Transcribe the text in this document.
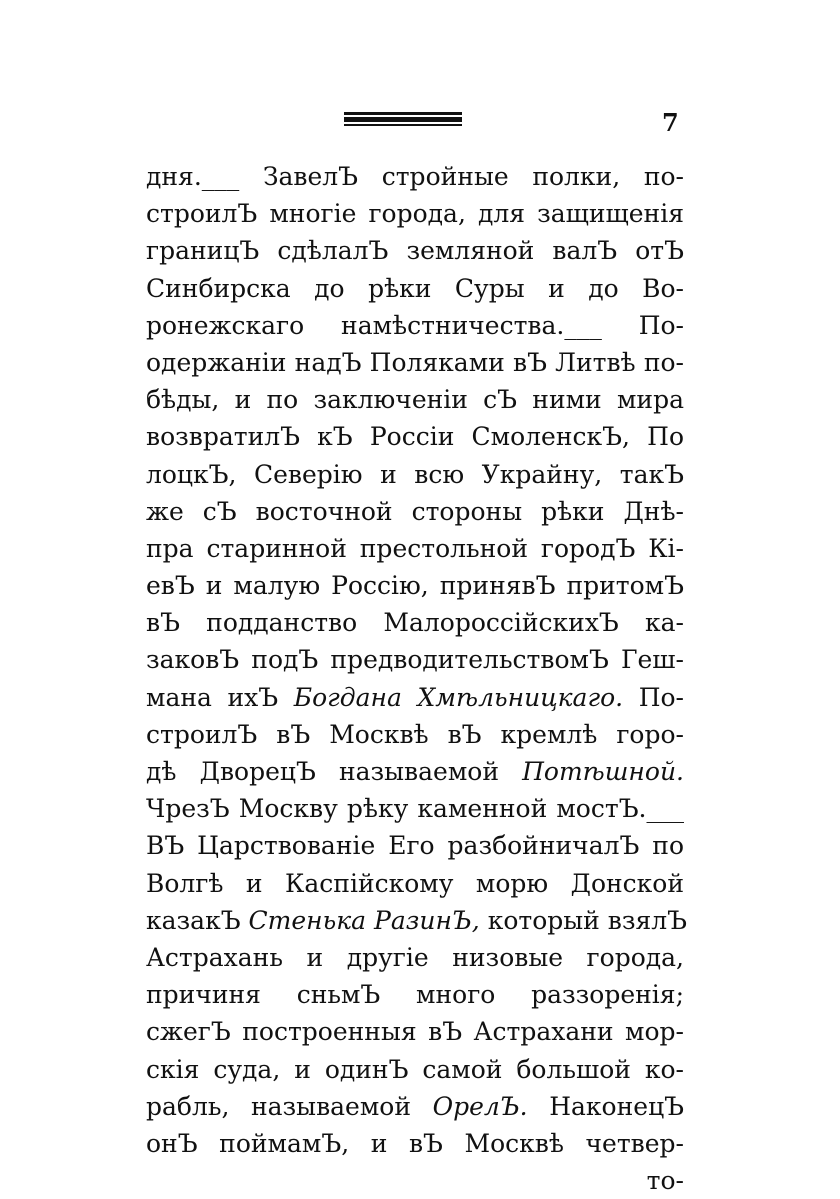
7
дня.___ ЗавелЪ стройные полки, по-
строилЪ многіе города, для защищенія
границЪ сдѣлалЪ земляной валЪ отЪ
Синбирска до рѣки Суры и до Во-
ронежскаго намѣстничества.___ По-
одержаніи надЪ Поляками вЪ Литвѣ по-
бѣды, и по заключеніи сЪ ними мира
возвратилЪ кЪ Россіи СмоленскЪ, По
лоцкЪ, Северію и всю Украйну, такЪ
же сЪ восточной стороны рѣки Днѣ-
пра старинной престольной городЪ Кі-
евЪ и малую Россію, принявЪ притомЪ
вЪ подданство МалороссійскихЪ ка-
заковЪ подЪ предводительствомЪ Геш-
мана ихЪ Богдана Хмѣльницкаго. По-
строилЪ вЪ Москвѣ вЪ кремлѣ горо-
дѣ ДворецЪ называемой Потѣшной.
ЧрезЪ Москву рѣку каменной мостЪ.___
ВЪ Царствованіе Его разбойничалЪ по
Волгѣ и Каспійскому морю Донской
казакЪ Стенька РазинЪ, который взялЪ
Астрахань и другіе низовые города,
причиня сньмЪ много раззоренія;
сжегЪ построенныя вЪ Астрахани мор-
скія суда, и одинЪ самой большой ко-
рабль, называемой ОрелЪ. НаконецЪ
онЪ поймамЪ, и вЪ Москвѣ четвер-
то-
